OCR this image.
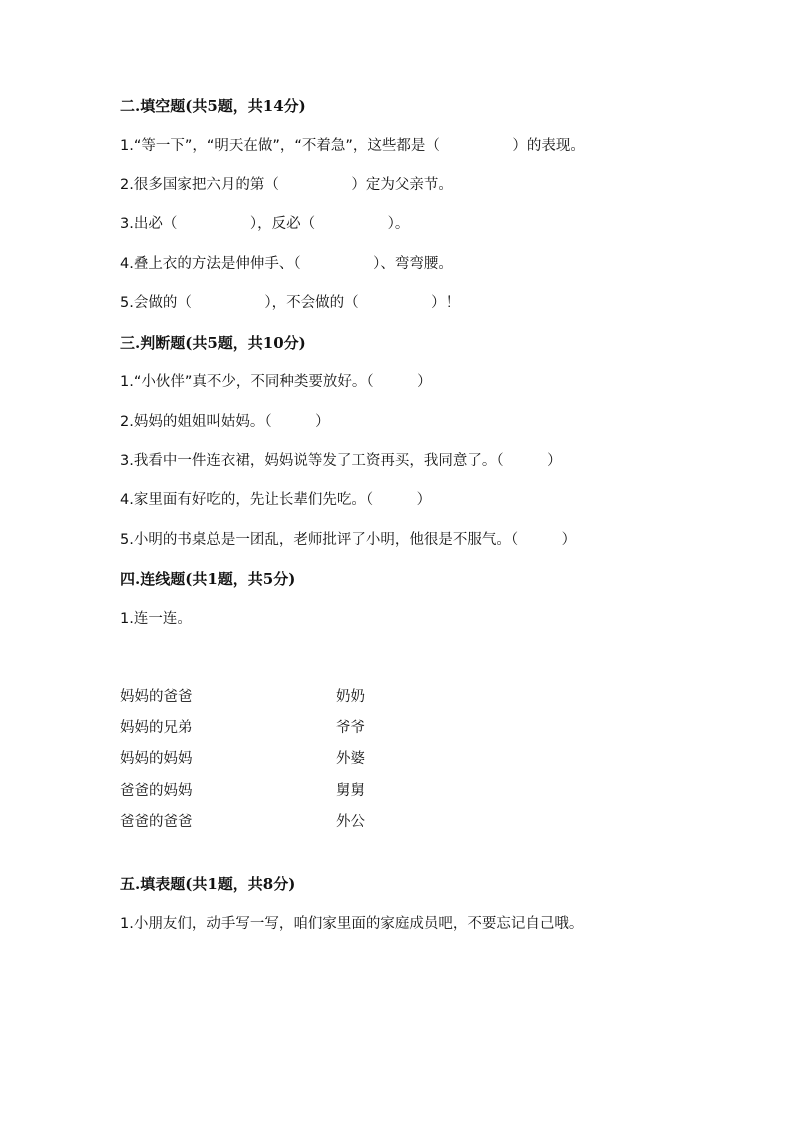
二.填空题(共5题，共14分)
1.“等一下”，“明天在做”，“不着急”，这些都是（　　　　　）的表现。
2.很多国家把六月的第（　　　　　）定为父亲节。
3.出必（　　　　　），反必（　　　　　）。
4.叠上衣的方法是伸伸手、（　　　　　）、弯弯腰。
5.会做的（　　　　　），不会做的（　　　　　）！
三.判断题(共5题，共10分)
1.“小伙伴”真不少，不同种类要放好。（　　　）
2.妈妈的姐姐叫姑妈。（　　　）
3.我看中一件连衣裙，妈妈说等发了工资再买，我同意了。（　　　）
4.家里面有好吃的，先让长辈们先吃。（　　　）
5.小明的书桌总是一团乱，老师批评了小明，他很是不服气。（　　　）
四.连线题(共1题，共5分)
1.连一连。
妈妈的爸爸	奶奶
妈妈的兄弟	爷爷
妈妈的妈妈	外婆
爸爸的妈妈	舅舅
爸爸的爸爸	外公
五.填表题(共1题，共8分)
1.小朋友们，动手写一写，咱们家里面的家庭成员吧，不要忘记自己哦。
